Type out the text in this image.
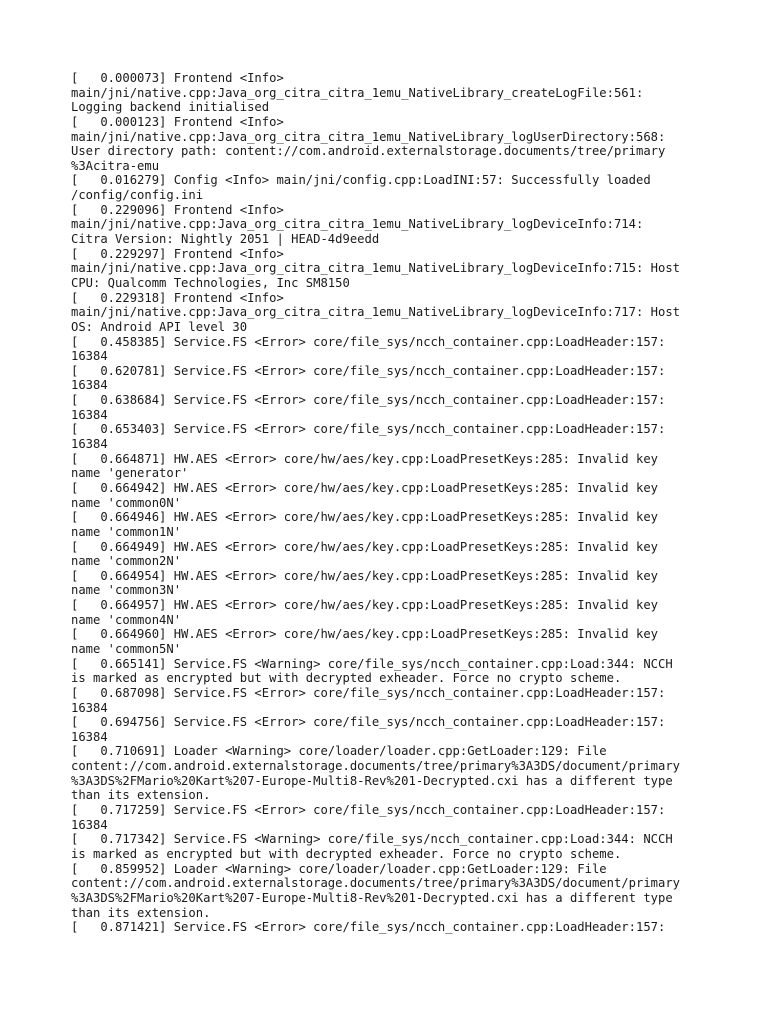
[   0.000073] Frontend <Info>
main/jni/native.cpp:Java_org_citra_citra_1emu_NativeLibrary_createLogFile:561:
Logging backend initialised
[   0.000123] Frontend <Info>
main/jni/native.cpp:Java_org_citra_citra_1emu_NativeLibrary_logUserDirectory:568:
User directory path: content://com.android.externalstorage.documents/tree/primary
%3Acitra-emu
[   0.016279] Config <Info> main/jni/config.cpp:LoadINI:57: Successfully loaded
/config/config.ini
[   0.229096] Frontend <Info>
main/jni/native.cpp:Java_org_citra_citra_1emu_NativeLibrary_logDeviceInfo:714:
Citra Version: Nightly 2051 | HEAD-4d9eedd
[   0.229297] Frontend <Info>
main/jni/native.cpp:Java_org_citra_citra_1emu_NativeLibrary_logDeviceInfo:715: Host
CPU: Qualcomm Technologies, Inc SM8150
[   0.229318] Frontend <Info>
main/jni/native.cpp:Java_org_citra_citra_1emu_NativeLibrary_logDeviceInfo:717: Host
OS: Android API level 30
[   0.458385] Service.FS <Error> core/file_sys/ncch_container.cpp:LoadHeader:157:
16384
[   0.620781] Service.FS <Error> core/file_sys/ncch_container.cpp:LoadHeader:157:
16384
[   0.638684] Service.FS <Error> core/file_sys/ncch_container.cpp:LoadHeader:157:
16384
[   0.653403] Service.FS <Error> core/file_sys/ncch_container.cpp:LoadHeader:157:
16384
[   0.664871] HW.AES <Error> core/hw/aes/key.cpp:LoadPresetKeys:285: Invalid key
name 'generator'
[   0.664942] HW.AES <Error> core/hw/aes/key.cpp:LoadPresetKeys:285: Invalid key
name 'common0N'
[   0.664946] HW.AES <Error> core/hw/aes/key.cpp:LoadPresetKeys:285: Invalid key
name 'common1N'
[   0.664949] HW.AES <Error> core/hw/aes/key.cpp:LoadPresetKeys:285: Invalid key
name 'common2N'
[   0.664954] HW.AES <Error> core/hw/aes/key.cpp:LoadPresetKeys:285: Invalid key
name 'common3N'
[   0.664957] HW.AES <Error> core/hw/aes/key.cpp:LoadPresetKeys:285: Invalid key
name 'common4N'
[   0.664960] HW.AES <Error> core/hw/aes/key.cpp:LoadPresetKeys:285: Invalid key
name 'common5N'
[   0.665141] Service.FS <Warning> core/file_sys/ncch_container.cpp:Load:344: NCCH
is marked as encrypted but with decrypted exheader. Force no crypto scheme.
[   0.687098] Service.FS <Error> core/file_sys/ncch_container.cpp:LoadHeader:157:
16384
[   0.694756] Service.FS <Error> core/file_sys/ncch_container.cpp:LoadHeader:157:
16384
[   0.710691] Loader <Warning> core/loader/loader.cpp:GetLoader:129: File
content://com.android.externalstorage.documents/tree/primary%3A3DS/document/primary
%3A3DS%2FMario%20Kart%207-Europe-Multi8-Rev%201-Decrypted.cxi has a different type
than its extension.
[   0.717259] Service.FS <Error> core/file_sys/ncch_container.cpp:LoadHeader:157:
16384
[   0.717342] Service.FS <Warning> core/file_sys/ncch_container.cpp:Load:344: NCCH
is marked as encrypted but with decrypted exheader. Force no crypto scheme.
[   0.859952] Loader <Warning> core/loader/loader.cpp:GetLoader:129: File
content://com.android.externalstorage.documents/tree/primary%3A3DS/document/primary
%3A3DS%2FMario%20Kart%207-Europe-Multi8-Rev%201-Decrypted.cxi has a different type
than its extension.
[   0.871421] Service.FS <Error> core/file_sys/ncch_container.cpp:LoadHeader:157:
